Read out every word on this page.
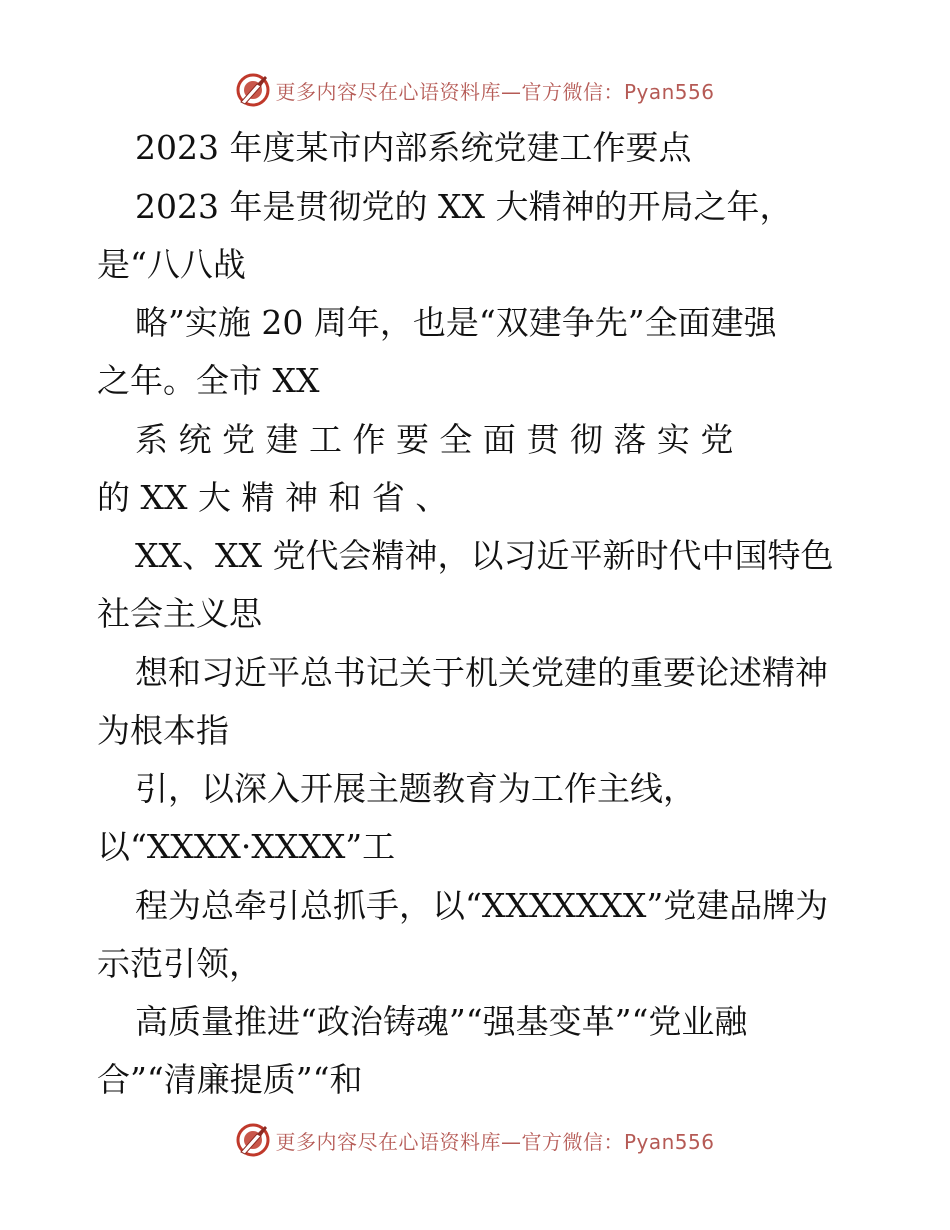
更多内容尽在心语资料库—官方微信：Pyan556
2023 年度某市内部系统党建工作要点
2023 年是贯彻党的 XX 大精神的开局之年，
是“八八战
略”实施 20 周年，也是“双建争先”全面建强
之年。全市 XX
系 统 党 建 工 作 要 全 面 贯 彻 落 实 党
的 XX 大 精 神 和 省 、
XX、XX 党代会精神，以习近平新时代中国特色
社会主义思
想和习近平总书记关于机关党建的重要论述精神
为根本指
引，以深入开展主题教育为工作主线，
以“XXXX·XXXX”工
程为总牵引总抓手，以“XXXXXXX”党建品牌为
示范引领，
高质量推进“政治铸魂”“强基变革”“党业融
合”“清廉提质”“和
更多内容尽在心语资料库—官方微信：Pyan556
